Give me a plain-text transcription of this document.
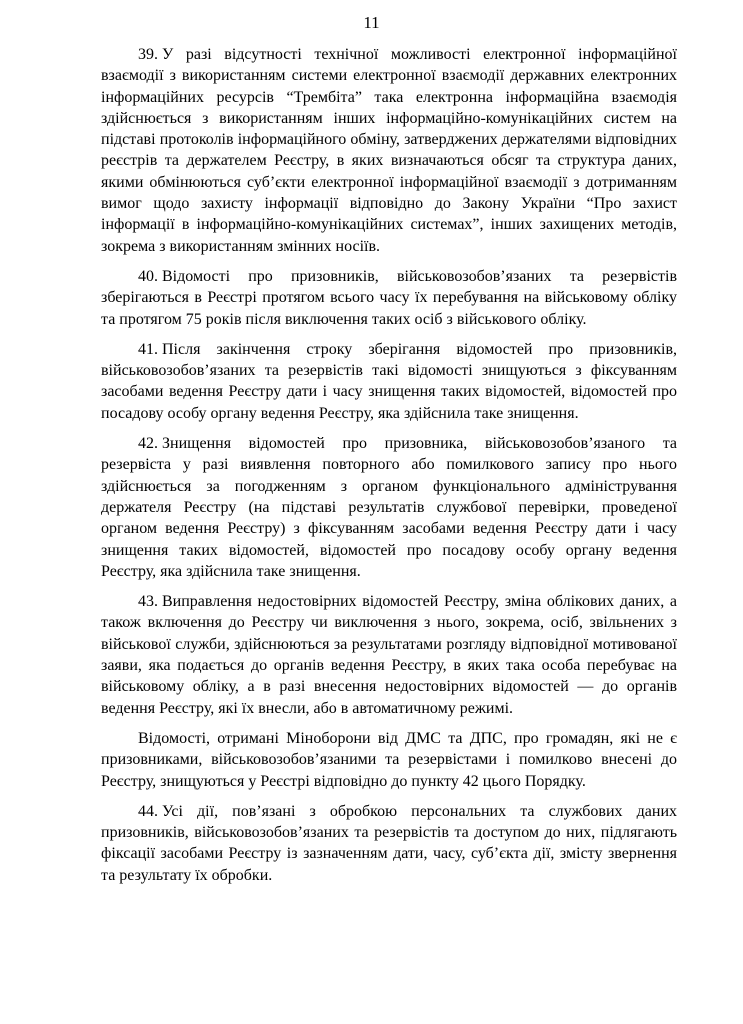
11

39. У разі відсутності технічної можливості електронної інформаційної взаємодії з використанням системи електронної взаємодії державних електронних інформаційних ресурсів “Трембіта” така електронна інформаційна взаємодія здійснюється з використанням інших інформаційно-комунікаційних систем на підставі протоколів інформаційного обміну, затверджених держателями відповідних реєстрів та держателем Реєстру, в яких визначаються обсяг та структура даних, якими обмінюються суб’єкти електронної інформаційної взаємодії з дотриманням вимог щодо захисту інформації відповідно до Закону України “Про захист інформації в інформаційно-комунікаційних системах”, інших захищених методів, зокрема з використанням змінних носіїв.

40. Відомості про призовників, військовозобов’язаних та резервістів зберігаються в Реєстрі протягом всього часу їх перебування на військовому обліку та протягом 75 років після виключення таких осіб з військового обліку.

41. Після закінчення строку зберігання відомостей про призовників, військовозобов’язаних та резервістів такі відомості знищуються з фіксуванням засобами ведення Реєстру дати і часу знищення таких відомостей, відомостей про посадову особу органу ведення Реєстру, яка здійснила таке знищення.

42. Знищення відомостей про призовника, військовозобов’язаного та резервіста у разі виявлення повторного або помилкового запису про нього здійснюється за погодженням з органом функціонального адміністрування держателя Реєстру (на підставі результатів службової перевірки, проведеної органом ведення Реєстру) з фіксуванням засобами ведення Реєстру дати і часу знищення таких відомостей, відомостей про посадову особу органу ведення Реєстру, яка здійснила таке знищення.

43. Виправлення недостовірних відомостей Реєстру, зміна облікових даних, а також включення до Реєстру чи виключення з нього, зокрема, осіб, звільнених з військової служби, здійснюються за результатами розгляду відповідної мотивованої заяви, яка подається до органів ведення Реєстру, в яких така особа перебуває на військовому обліку, а в разі внесення недостовірних відомостей — до органів ведення Реєстру, які їх внесли, або в автоматичному режимі.

Відомості, отримані Міноборони від ДМС та ДПС, про громадян, які не є призовниками, військовозобов’язаними та резервістами і помилково внесені до Реєстру, знищуються у Реєстрі відповідно до пункту 42 цього Порядку.

44. Усі дії, пов’язані з обробкою персональних та службових даних призовників, військовозобов’язаних та резервістів та доступом до них, підлягають фіксації засобами Реєстру із зазначенням дати, часу, суб’єкта дії, змісту звернення та результату їх обробки.
